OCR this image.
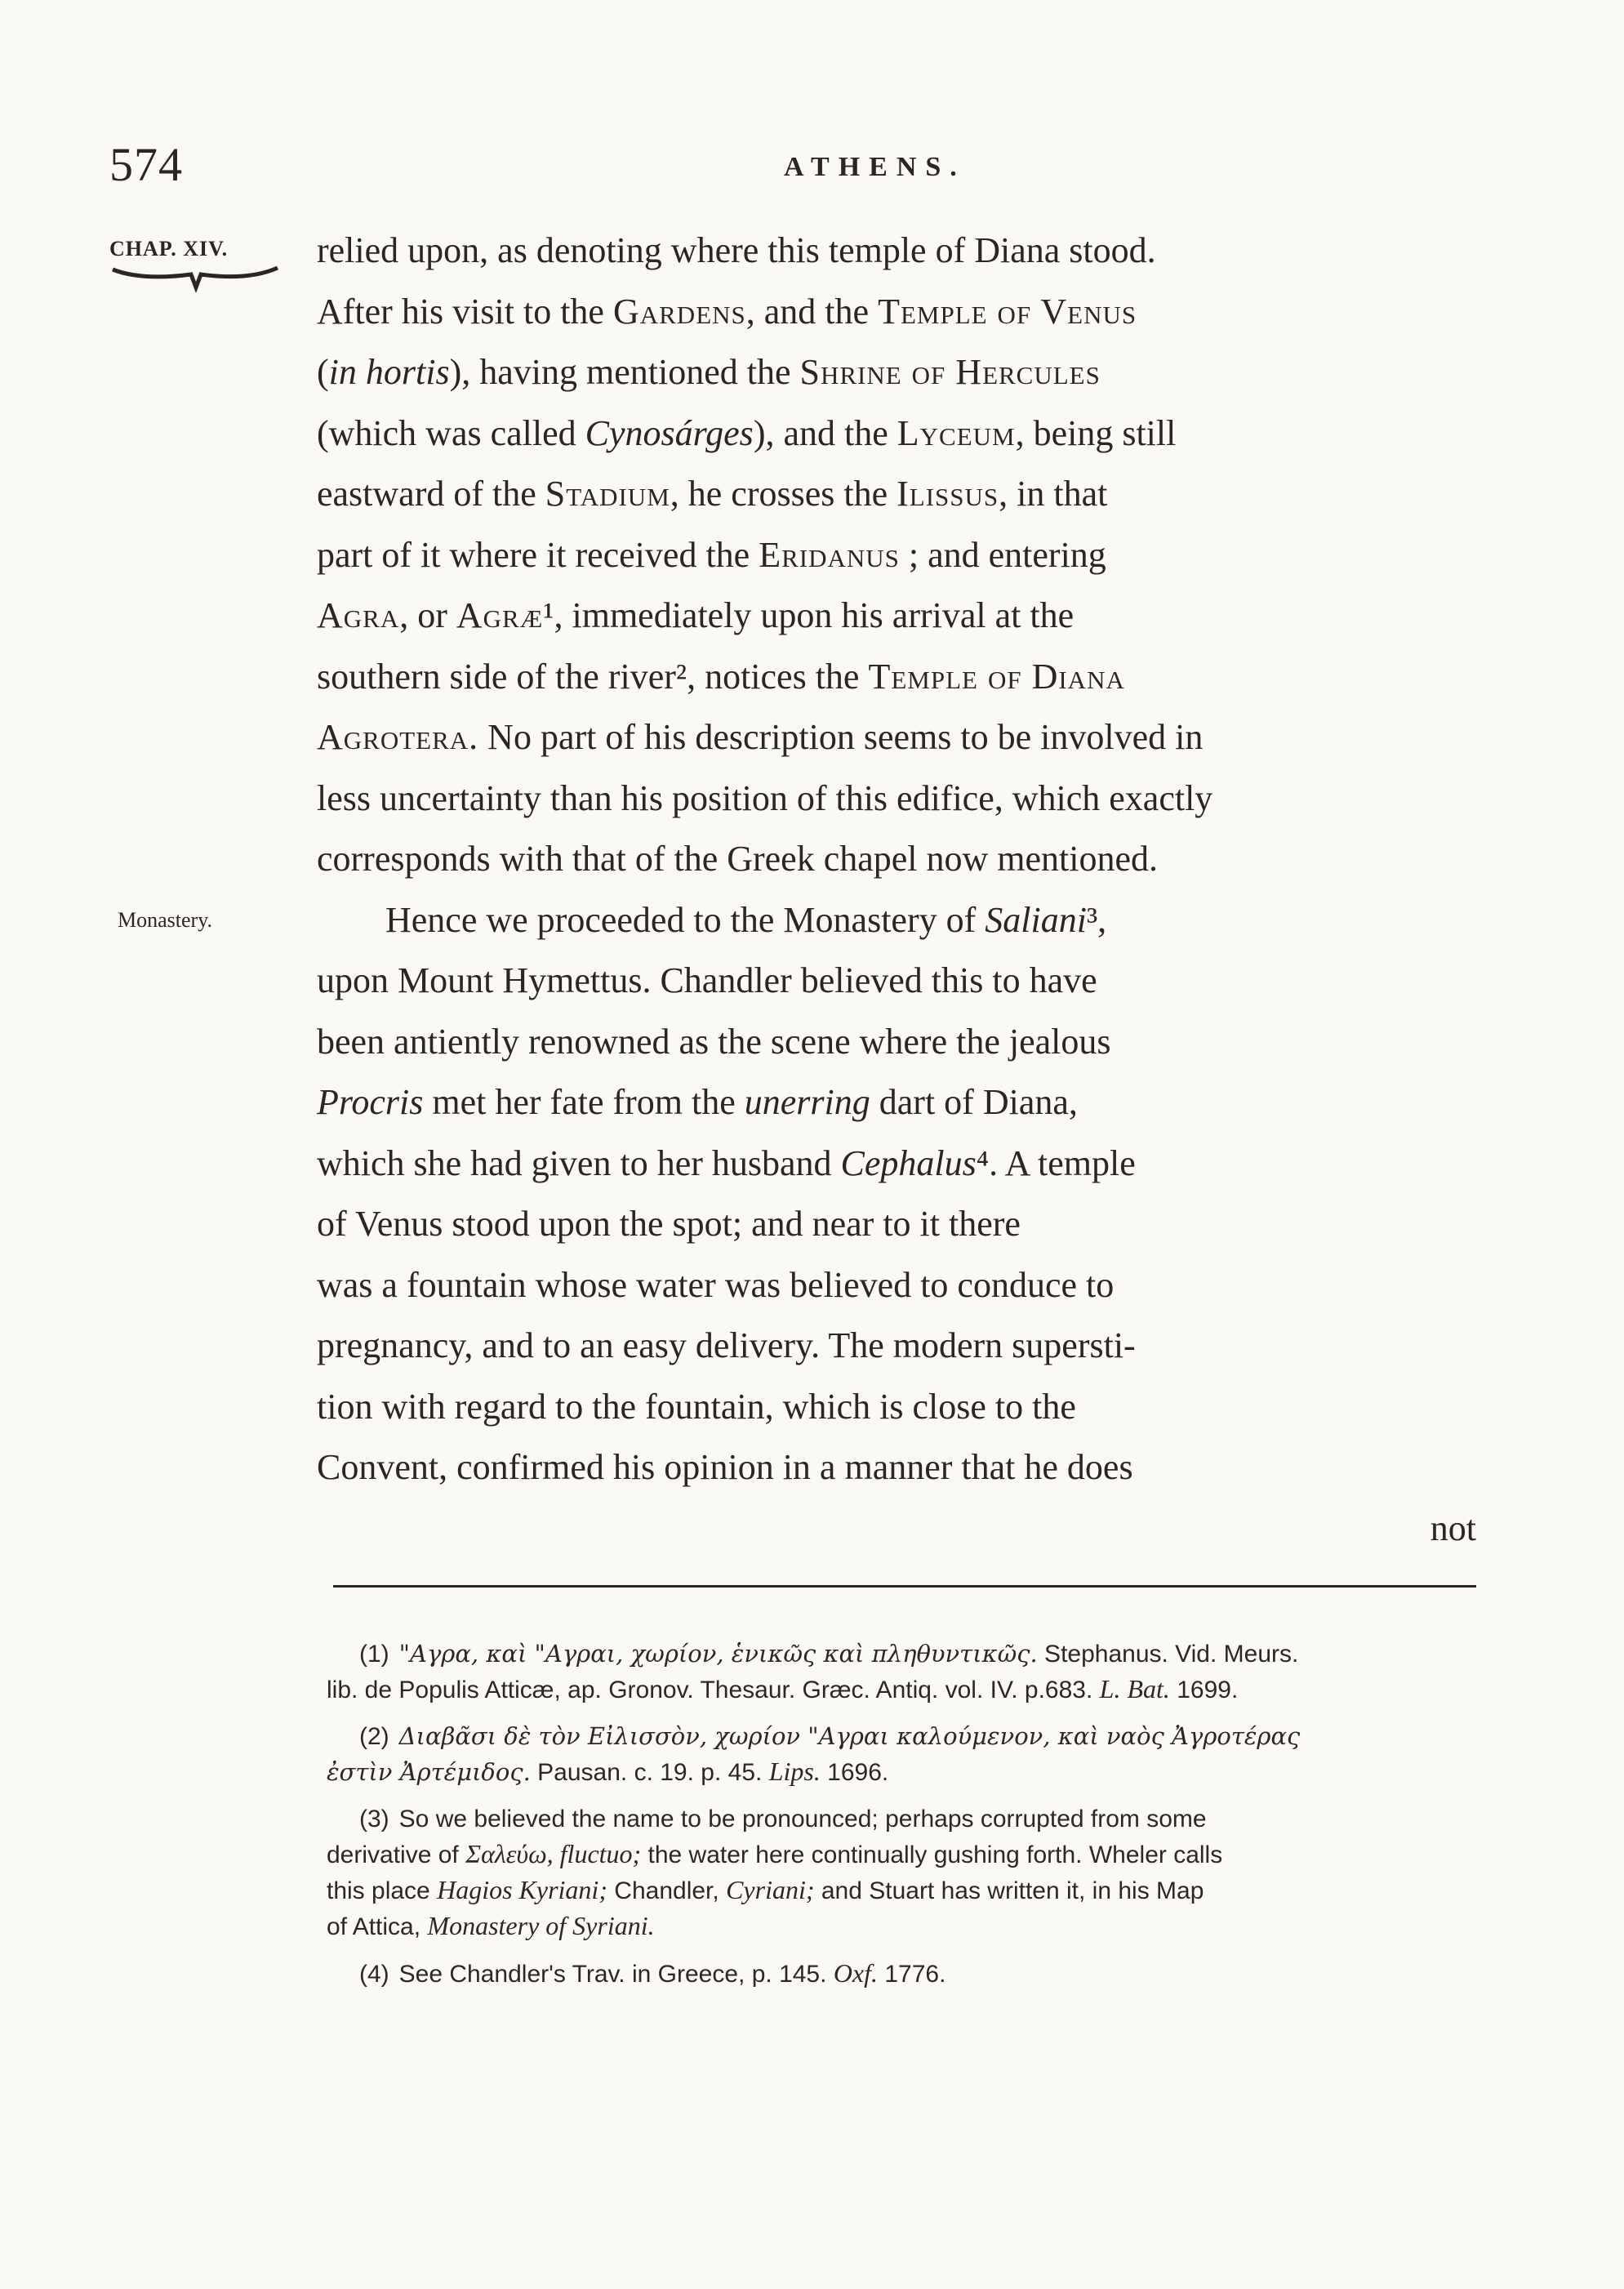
574	ATHENS.
CHAP. XIV.
Monastery.
relied upon, as denoting where this temple of Diana stood.
After his visit to the Gardens, and the Temple of Venus
(in hortis), having mentioned the Shrine of Hercules
(which was called Cynosárges), and the Lyceum, being still
eastward of the Stadium, he crosses the Ilissus, in that
part of it where it received the Eridanus ; and entering
Agra, or Agræ¹, immediately upon his arrival at the
southern side of the river², notices the Temple of Diana
Agrotera. No part of his description seems to be involved in
less uncertainty than his position of this edifice, which exactly
corresponds with that of the Greek chapel now mentioned.
Hence we proceeded to the Monastery of Saliani³,
upon Mount Hymettus. Chandler believed this to have
been antiently renowned as the scene where the jealous
Procris met her fate from the unerring dart of Diana,
which she had given to her husband Cephalus⁴. A temple
of Venus stood upon the spot; and near to it there
was a fountain whose water was believed to conduce to
pregnancy, and to an easy delivery. The modern supersti-
tion with regard to the fountain, which is close to the
Convent, confirmed his opinion in a manner that he does
not
(1) "Αγρα, καὶ "Αγραι, χωρίον, ἑνικῶς καὶ πληθυντικῶς. Stephanus. Vid. Meurs.
lib. de Populis Atticæ, ap. Gronov. Thesaur. Græc. Antiq. vol. IV. p.683. L. Bat. 1699.
(2) Διαβᾶσι δὲ τὸν Εἰλισσὸν, χωρίον "Αγραι καλούμενον, καὶ ναὸς Ἀγροτέρας
ἐστὶν Ἀρτέμιδος. Pausan. c. 19. p. 45. Lips. 1696.
(3) So we believed the name to be pronounced; perhaps corrupted from some
derivative of Σαλεύω, fluctuo; the water here continually gushing forth. Wheler calls
this place Hagios Kyriani; Chandler, Cyriani; and Stuart has written it, in his Map
of Attica, Monastery of Syriani.
(4) See Chandler's Trav. in Greece, p. 145. Oxf. 1776.
